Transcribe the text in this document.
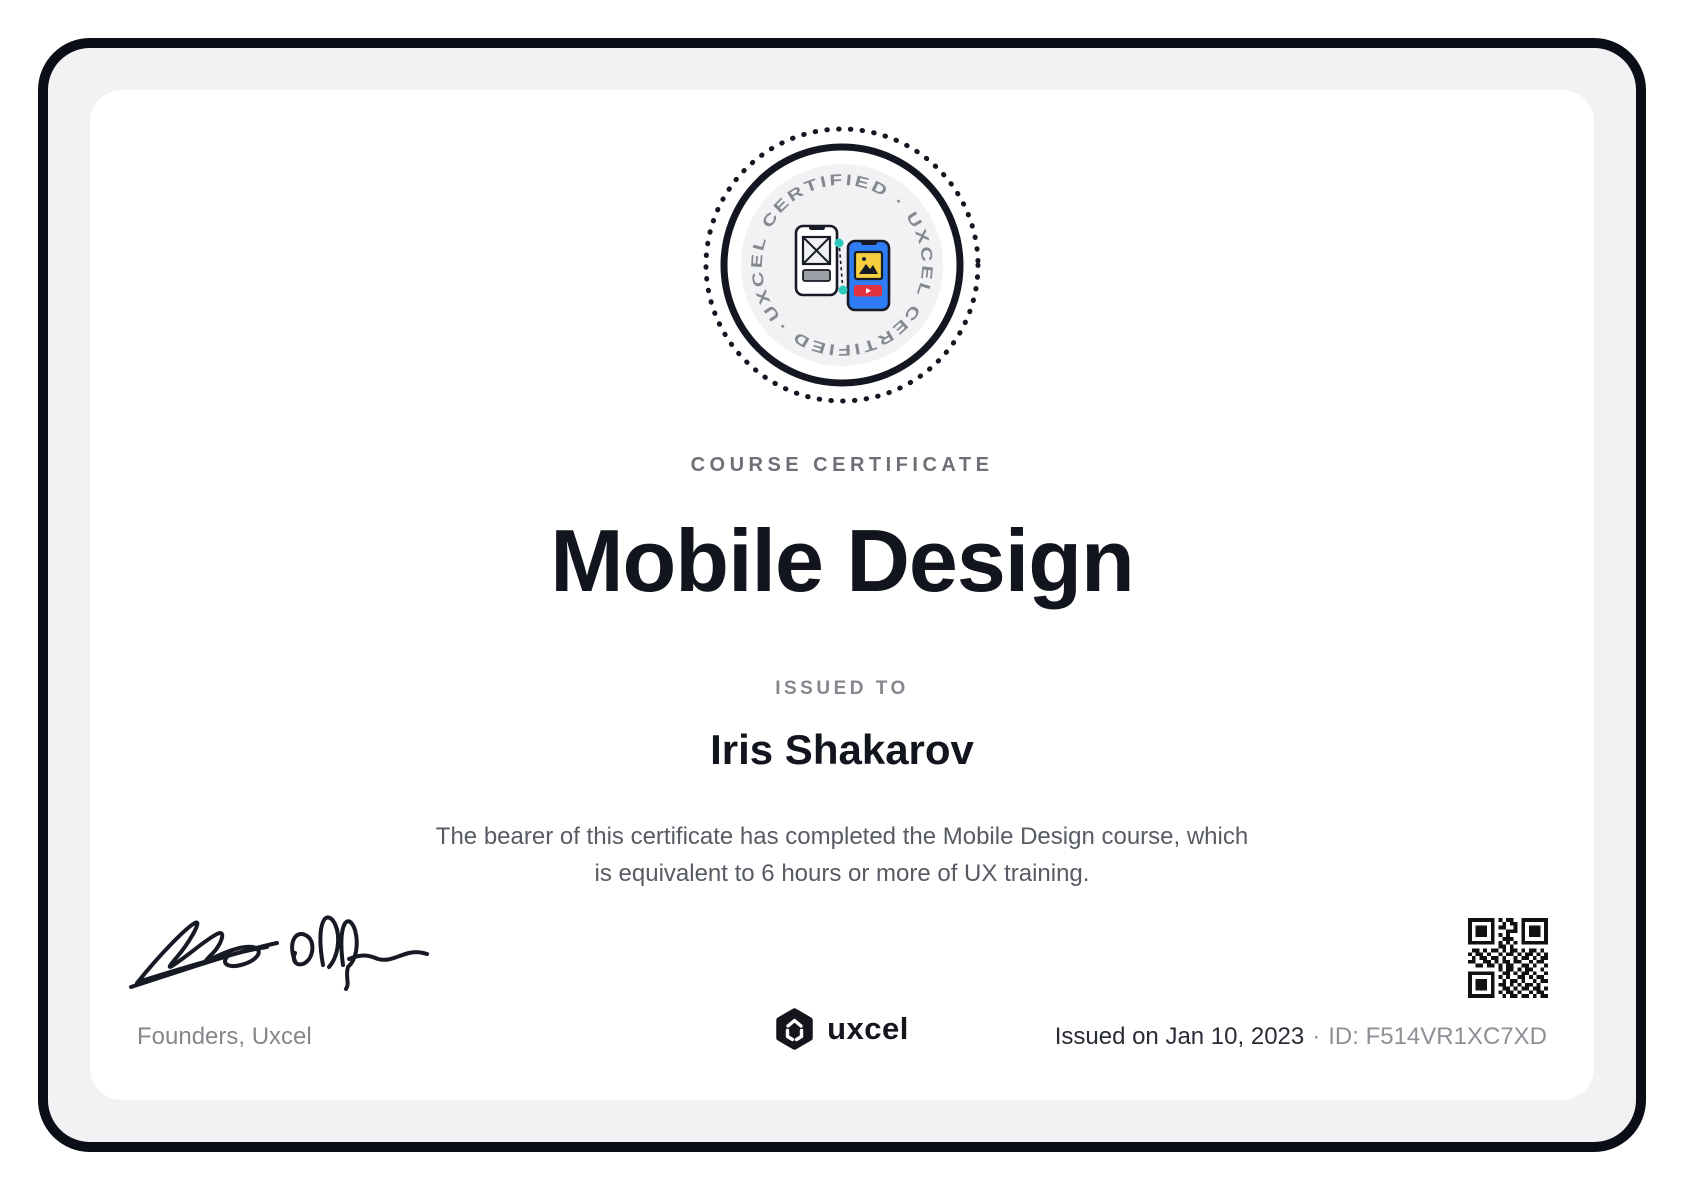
UXCEL CERTIFIED · UXCEL CERTIFIED ·
COURSE CERTIFICATE
Mobile Design
ISSUED TO
Iris Shakarov
The bearer of this certificate has completed the Mobile Design course, which
is equivalent to 6 hours or more of UX training.
Founders, Uxcel	uxcel	Issued on Jan 10, 2023 · ID: F514VR1XC7XD
